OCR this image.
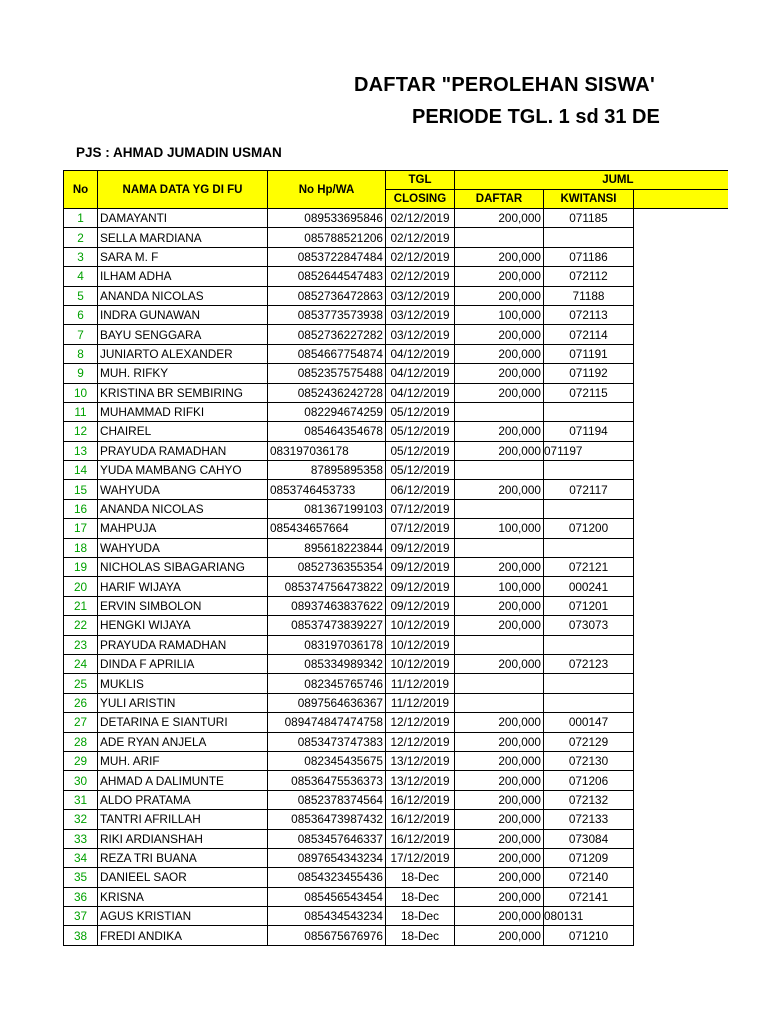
DAFTAR "PEROLEHAN SISWA'
PERIODE TGL. 1 sd 31 DE
PJS : AHMAD JUMADIN USMAN
No	NAMA DATA YG DI FU	No Hp/WA	TGL	JUML		
			CLOSING	DAFTAR	KWITANSI	
1	DAMAYANTI	089533695846	02/12/2019	200,000	071185	
2	SELLA MARDIANA	085788521206	02/12/2019			
3	SARA M. F	0853722847484	02/12/2019	200,000	071186	
4	ILHAM ADHA	0852644547483	02/12/2019	200,000	072112	
5	ANANDA NICOLAS	0852736472863	03/12/2019	200,000	71188	
6	INDRA GUNAWAN	0853773573938	03/12/2019	100,000	072113	
7	BAYU SENGGARA	0852736227282	03/12/2019	200,000	072114	
8	JUNIARTO ALEXANDER	0854667754874	04/12/2019	200,000	071191	
9	MUH. RIFKY	0852357575488	04/12/2019	200,000	071192	
10	KRISTINA BR SEMBIRING	0852436242728	04/12/2019	200,000	072115	
11	MUHAMMAD RIFKI	082294674259	05/12/2019			
12	CHAIREL	085464354678	05/12/2019	200,000	071194	
13	PRAYUDA RAMADHAN	083197036178	05/12/2019	200,000	071197	
14	YUDA MAMBANG CAHYO	87895895358	05/12/2019			
15	WAHYUDA	0853746453733	06/12/2019	200,000	072117	
16	ANANDA NICOLAS	081367199103	07/12/2019			
17	MAHPUJA	085434657664	07/12/2019	100,000	071200	
18	WAHYUDA	895618223844	09/12/2019			
19	NICHOLAS SIBAGARIANG	0852736355354	09/12/2019	200,000	072121	
20	HARIF WIJAYA	085374756473822	09/12/2019	100,000	000241	
21	ERVIN SIMBOLON	08937463837622	09/12/2019	200,000	071201	
22	HENGKI WIJAYA	08537473839227	10/12/2019	200,000	073073	
23	PRAYUDA RAMADHAN	083197036178	10/12/2019			
24	DINDA F APRILIA	085334989342	10/12/2019	200,000	072123	
25	MUKLIS	082345765746	11/12/2019			
26	YULI ARISTIN	0897564636367	11/12/2019			
27	DETARINA E SIANTURI	089474847474758	12/12/2019	200,000	000147	
28	ADE RYAN ANJELA	0853473747383	12/12/2019	200,000	072129	
29	MUH. ARIF	082345435675	13/12/2019	200,000	072130	
30	AHMAD A DALIMUNTE	08536475536373	13/12/2019	200,000	071206	
31	ALDO PRATAMA	0852378374564	16/12/2019	200,000	072132	
32	TANTRI AFRILLAH	08536473987432	16/12/2019	200,000	072133	
33	RIKI ARDIANSHAH	0853457646337	16/12/2019	200,000	073084	
34	REZA TRI BUANA	0897654343234	17/12/2019	200,000	071209	
35	DANIEEL SAOR	0854323455436	18-Dec	200,000	072140	
36	KRISNA	085456543454	18-Dec	200,000	072141	
37	AGUS KRISTIAN	085434543234	18-Dec	200,000	080131	
38	FREDI ANDIKA	085675676976	18-Dec	200,000	071210	
